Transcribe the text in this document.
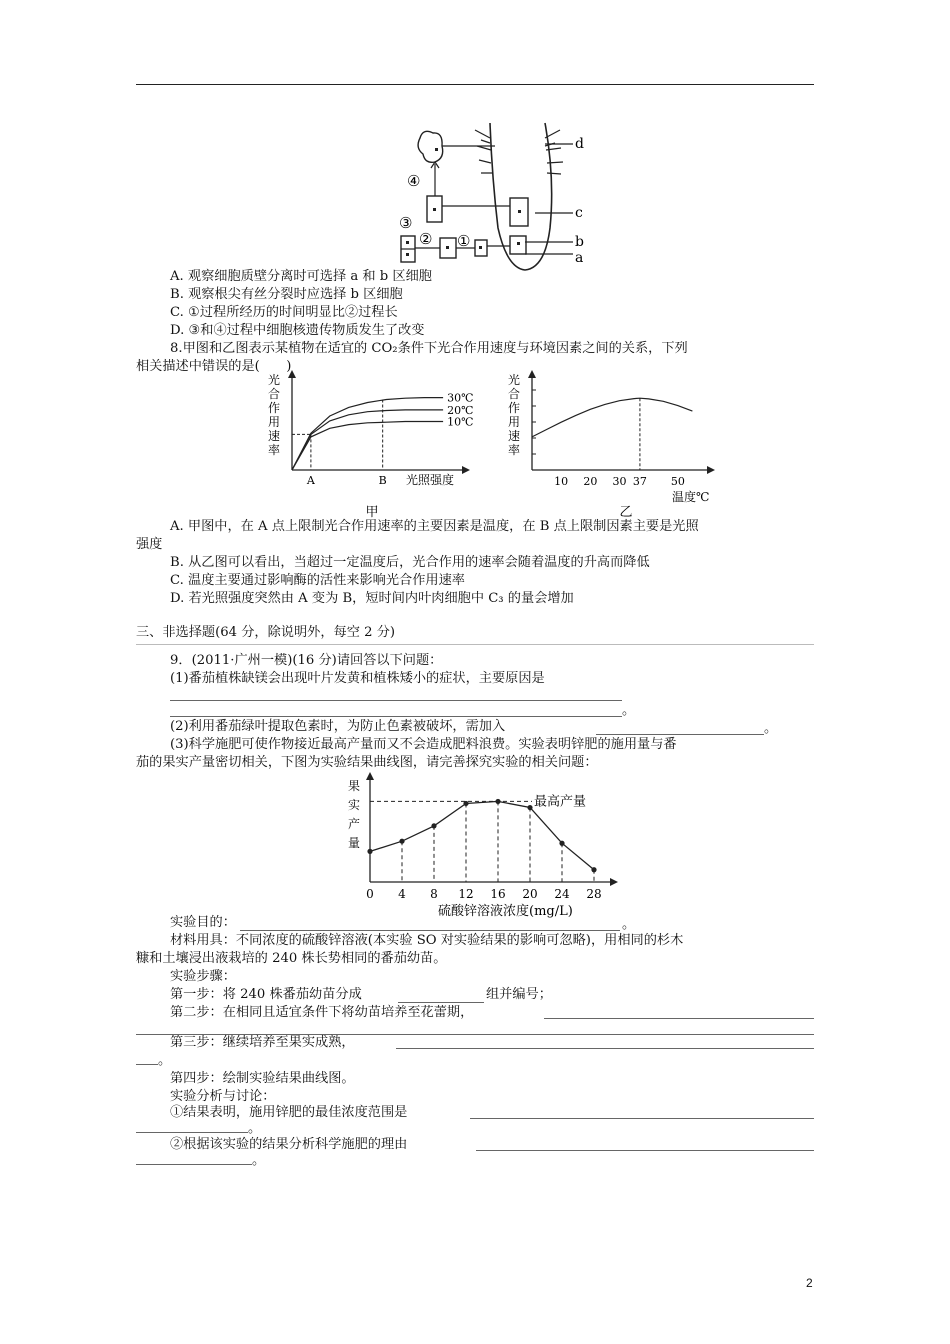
d
c
b
a
④
①
②
③
A. 观察细胞质壁分离时可选择 a 和 b 区细胞
B. 观察根尖有丝分裂时应选择 b 区细胞
C. ①过程所经历的时间明显比②过程长
D. ③和④过程中细胞核遗传物质发生了改变
8.甲图和乙图表示某植物在适宜的 CO₂条件下光合作用速度与环境因素之间的关系，下列
相关描述中错误的是(　　)
光
合
作
用
速
率
30℃
20℃
10℃
A	B 光照强度
甲
光
合
作
用
速
率
10 20 30 37 50
温度℃
乙
A. 甲图中，在 A 点上限制光合作用速率的主要因素是温度，在 B 点上限制因素主要是光照
强度
B. 从乙图可以看出，当超过一定温度后，光合作用的速率会随着温度的升高而降低
C. 温度主要通过影响酶的活性来影响光合作用速率
D. 若光照强度突然由 A 变为 B，短时间内叶肉细胞中 C₃ 的量会增加
三、非选择题(64 分，除说明外，每空 2 分)
9．(2011·广州一模)(16 分)请回答以下问题：
(1)番茄植株缺镁会出现叶片发黄和植株矮小的症状，主要原因是
。
(2)利用番茄绿叶提取色素时，为防止色素被破坏，需加入	。
(3)科学施肥可使作物接近最高产量而又不会造成肥料浪费。实验表明锌肥的施用量与番
茄的果实产量密切相关，下图为实验结果曲线图，请完善探究实验的相关问题：
果
实
产
量
最高产量
0 4 8 12 16 20 24 28
硫酸锌溶液浓度(mg/L)
实验目的：	。
材料用具：不同浓度的硫酸锌溶液(本实验 SO 对实验结果的影响可忽略)，用相同的杉木
糠和土壤浸出液栽培的 240 株长势相同的番茄幼苗。
实验步骤：
第一步：将 240 株番茄幼苗分成	组并编号；
第二步：在相同且适宜条件下将幼苗培养至花蕾期，
第三步：继续培养至果实成熟，
。
第四步：绘制实验结果曲线图。
实验分析与讨论：
①结果表明，施用锌肥的最佳浓度范围是
。
②根据该实验的结果分析科学施肥的理由
。
2
